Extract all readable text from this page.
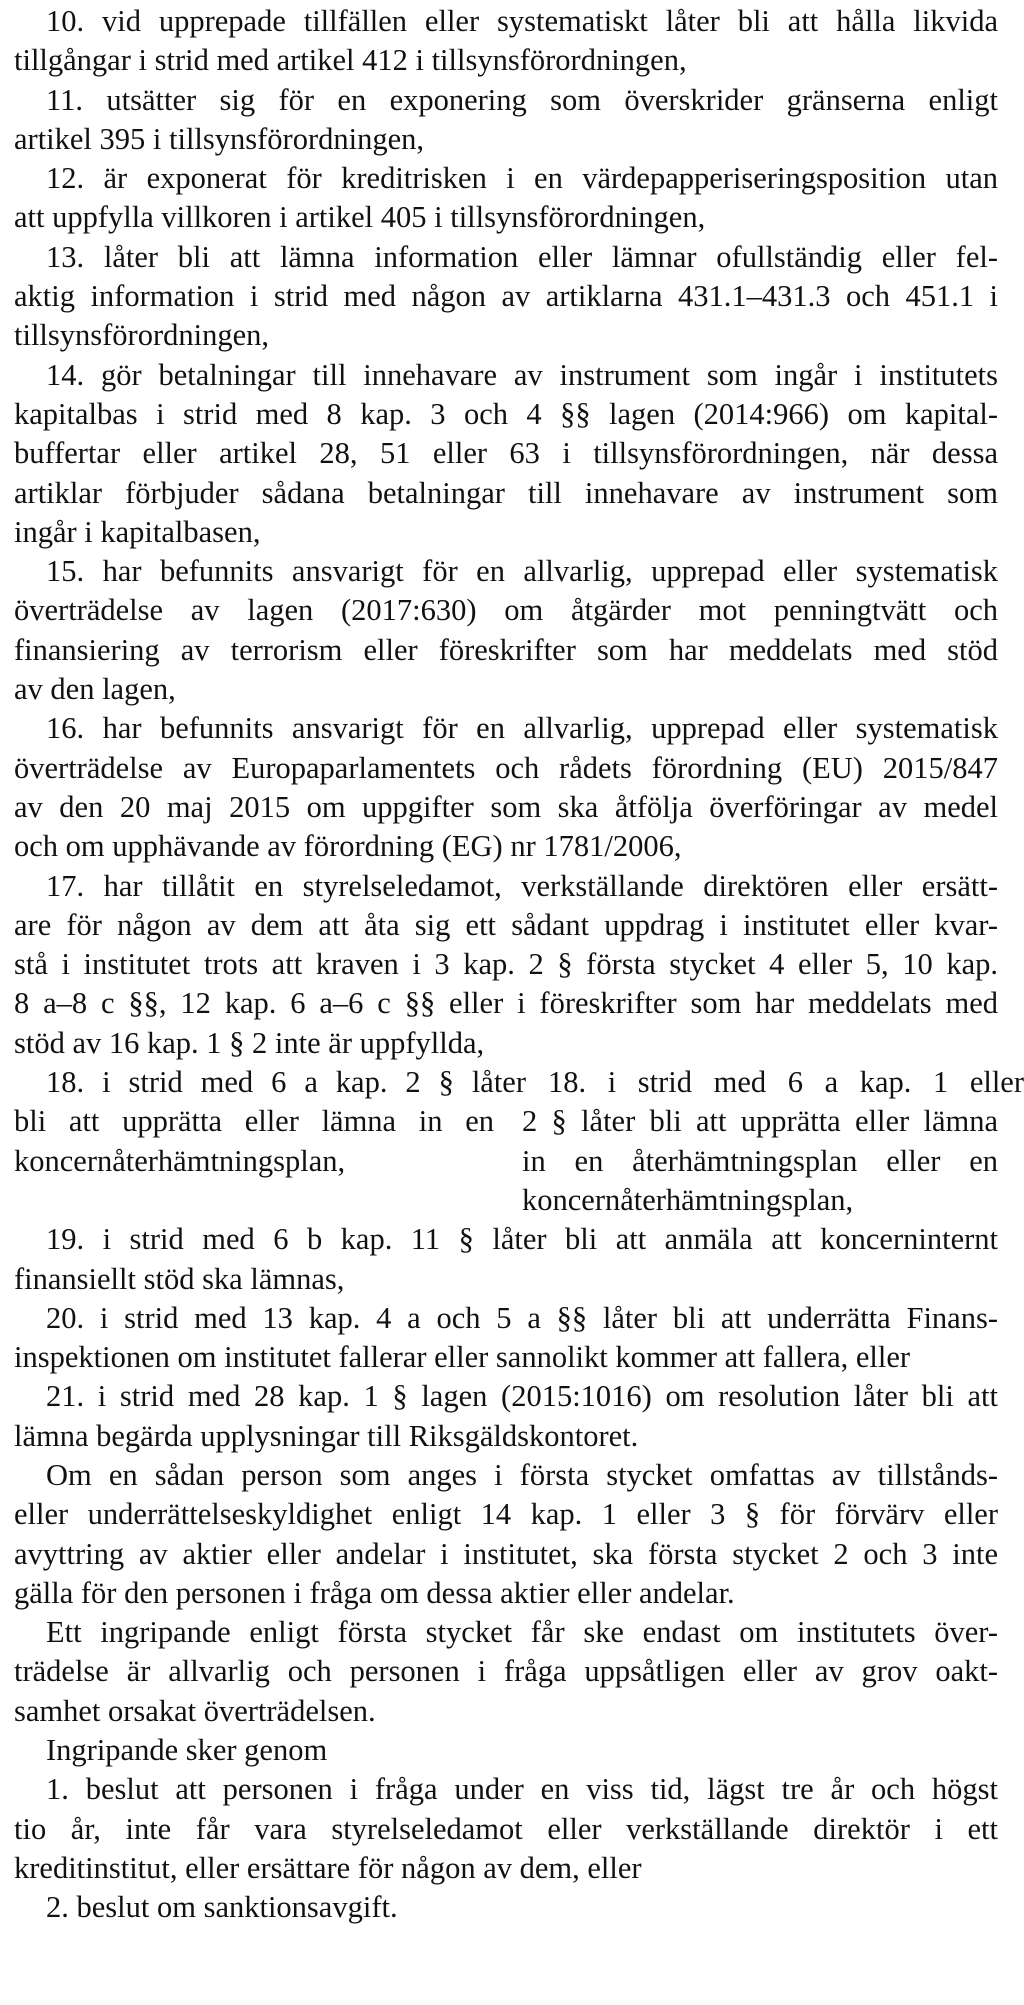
10. vid upprepade tillfällen eller systematiskt låter bli att hålla likvida
tillgångar i strid med artikel 412 i tillsynsförordningen,
11. utsätter sig för en exponering som överskrider gränserna enligt
artikel 395 i tillsynsförordningen,
12. är exponerat för kreditrisken i en värdepapperiseringsposition utan
att uppfylla villkoren i artikel 405 i tillsynsförordningen,
13. låter bli att lämna information eller lämnar ofullständig eller fel-
aktig information i strid med någon av artiklarna 431.1–431.3 och 451.1 i
tillsynsförordningen,
14. gör betalningar till innehavare av instrument som ingår i institutets
kapitalbas i strid med 8 kap. 3 och 4 §§ lagen (2014:966) om kapital-
buffertar eller artikel 28, 51 eller 63 i tillsynsförordningen, när dessa
artiklar förbjuder sådana betalningar till innehavare av instrument som
ingår i kapitalbasen,
15. har befunnits ansvarigt för en allvarlig, upprepad eller systematisk
överträdelse av lagen (2017:630) om åtgärder mot penningtvätt och
finansiering av terrorism eller föreskrifter som har meddelats med stöd
av den lagen,
16. har befunnits ansvarigt för en allvarlig, upprepad eller systematisk
överträdelse av Europaparlamentets och rådets förordning (EU) 2015/847
av den 20 maj 2015 om uppgifter som ska åtfölja överföringar av medel
och om upphävande av förordning (EG) nr 1781/2006,
17. har tillåtit en styrelseledamot, verkställande direktören eller ersätt-
are för någon av dem att åta sig ett sådant uppdrag i institutet eller kvar-
stå i institutet trots att kraven i 3 kap. 2 § första stycket 4 eller 5, 10 kap.
8 a–8 c §§, 12 kap. 6 a–6 c §§ eller i föreskrifter som har meddelats med
stöd av 16 kap. 1 § 2 inte är uppfyllda,
18. i strid med 6 a kap. 2 § låter
bli att upprätta eller lämna in en
koncernåterhämtningsplan,
18. i strid med 6 a kap. 1 eller
2 § låter bli att upprätta eller lämna
in en återhämtningsplan eller en
koncernåterhämtningsplan,
19. i strid med 6 b kap. 11 § låter bli att anmäla att koncerninternt
finansiellt stöd ska lämnas,
20. i strid med 13 kap. 4 a och 5 a §§ låter bli att underrätta Finans-
inspektionen om institutet fallerar eller sannolikt kommer att fallera, eller
21. i strid med 28 kap. 1 § lagen (2015:1016) om resolution låter bli att
lämna begärda upplysningar till Riksgäldskontoret.
Om en sådan person som anges i första stycket omfattas av tillstånds-
eller underrättelseskyldighet enligt 14 kap. 1 eller 3 § för förvärv eller
avyttring av aktier eller andelar i institutet, ska första stycket 2 och 3 inte
gälla för den personen i fråga om dessa aktier eller andelar.
Ett ingripande enligt första stycket får ske endast om institutets över-
trädelse är allvarlig och personen i fråga uppsåtligen eller av grov oakt-
samhet orsakat överträdelsen.
Ingripande sker genom
1. beslut att personen i fråga under en viss tid, lägst tre år och högst
tio år, inte får vara styrelseledamot eller verkställande direktör i ett
kreditinstitut, eller ersättare för någon av dem, eller
2. beslut om sanktionsavgift.
